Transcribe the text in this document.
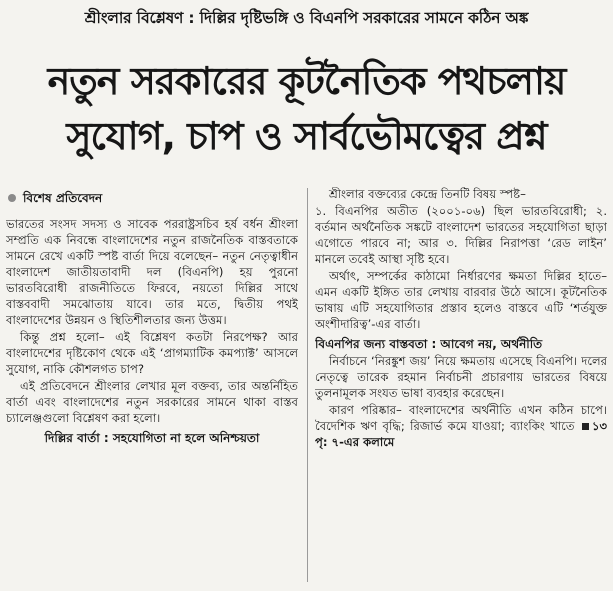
শ্রীংলার বিশ্লেষণ : দিল্লির দৃষ্টিভঙ্গি ও বিএনপি সরকারের সামনে কঠিন অঙ্ক
নতুন সরকারের কূটনৈতিক পথচলায়
সুযোগ, চাপ ও সার্বভৌমত্বের প্রশ্ন
বিশেষ প্রতিবেদন

ভারতের সংসদ সদস্য ও সাবেক পররাষ্ট্রসচিব হর্ষ বর্ধন শ্রীংলা সম্প্রতি এক নিবন্ধে বাংলাদেশের নতুন রাজনৈতিক বাস্তবতাকে সামনে রেখে একটি স্পষ্ট বার্তা দিয়ে বলেছেন– নতুন নেতৃত্বাধীন বাংলাদেশ জাতীয়তাবাদী দল (বিএনপি) হয় পুরনো ভারতবিরোধী রাজনীতিতে ফিরবে, নয়তো দিল্লির সাথে বাস্তববাদী সমঝোতায় যাবে। তার মতে, দ্বিতীয় পথই বাংলাদেশের উন্নয়ন ও স্থিতিশীলতার জন্য উত্তম।

কিন্তু প্রশ্ন হলো– এই বিশ্লেষণ কতটা নিরপেক্ষ? আর বাংলাদেশের দৃষ্টিকোণ থেকে এই ‘প্রাগম্যাটিক কমপ্যাক্ট’ আসলে সুযোগ, নাকি কৌশলগত চাপ?

এই প্রতিবেদনে শ্রীংলার লেখার মূল বক্তব্য, তার অন্তর্নিহিত বার্তা এবং বাংলাদেশের নতুন সরকারের সামনে থাকা বাস্তব চ্যালেঞ্জগুলো বিশ্লেষণ করা হলো।

দিল্লির বার্তা : সহযোগিতা না হলে অনিশ্চয়তা

শ্রীংলার বক্তব্যের কেন্দ্রে তিনটি বিষয় স্পষ্ট–

১. বিএনপির অতীত (২০০১-০৬) ছিল ভারতবিরোধী; ২. বর্তমান অর্থনৈতিক সঙ্কটে বাংলাদেশ ভারতের সহযোগিতা ছাড়া এগোতে পারবে না; আর ৩. দিল্লির নিরাপত্তা ‘রেড লাইন’ মানলে তবেই আস্থা সৃষ্টি হবে।

অর্থাৎ, সম্পর্কের কাঠামো নির্ধারণের ক্ষমতা দিল্লির হাতে– এমন একটি ইঙ্গিত তার লেখায় বারবার উঠে আসে। কূটনৈতিক ভাষায় এটি সহযোগিতার প্রস্তাব হলেও বাস্তবে এটি ‘শর্তযুক্ত অংশীদারিত্ব’-এর বার্তা।

বিএনপির জন্য বাস্তবতা : আবেগ নয়, অর্থনীতি

নির্বাচনে ‘নিরঙ্কুশ জয়’ নিয়ে ক্ষমতায় এসেছে বিএনপি। দলের নেতৃত্বে তারেক রহমান নির্বাচনী প্রচারণায় ভারতের বিষয়ে তুলনামূলক সংযত ভাষা ব্যবহার করেছেন।

কারণ পরিষ্কার– বাংলাদেশের অর্থনীতি এখন কঠিন চাপে। বৈদেশিক ঋণ বৃদ্ধি; রিজার্ভ কমে যাওয়া; ব্যাংকিং খাতে ১৩ পৃ: ৭-এর কলামে
